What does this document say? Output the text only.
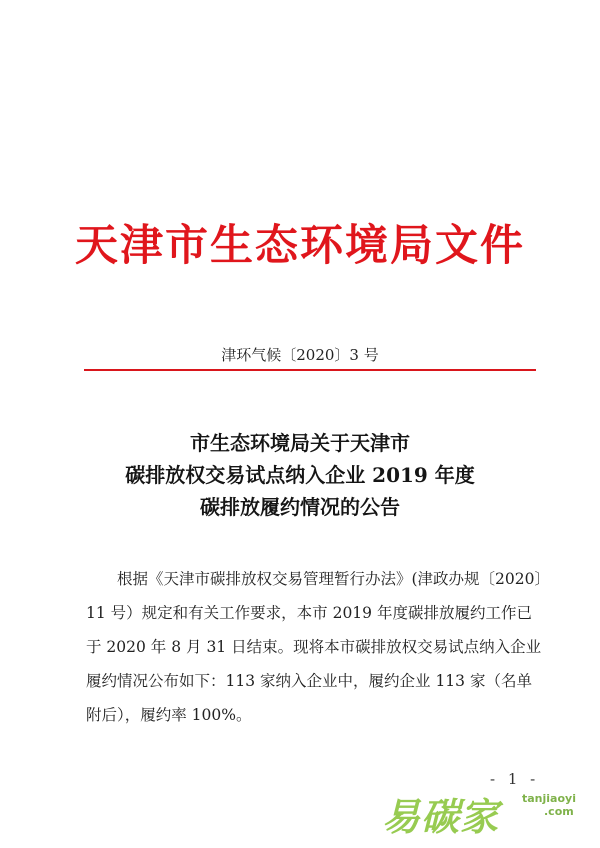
天津市生态环境局文件
津环气候〔2020〕3 号
市生态环境局关于天津市
碳排放权交易试点纳入企业 2019 年度
碳排放履约情况的公告
根据《天津市碳排放权交易管理暂行办法》(津政办规〔2020〕
11 号）规定和有关工作要求，本市 2019 年度碳排放履约工作已
于 2020 年 8 月 31 日结束。现将本市碳排放权交易试点纳入企业
履约情况公布如下：113 家纳入企业中，履约企业 113 家（名单
附后），履约率 100%。
- 1 -
易碳家 tanjiaoyi
.com
